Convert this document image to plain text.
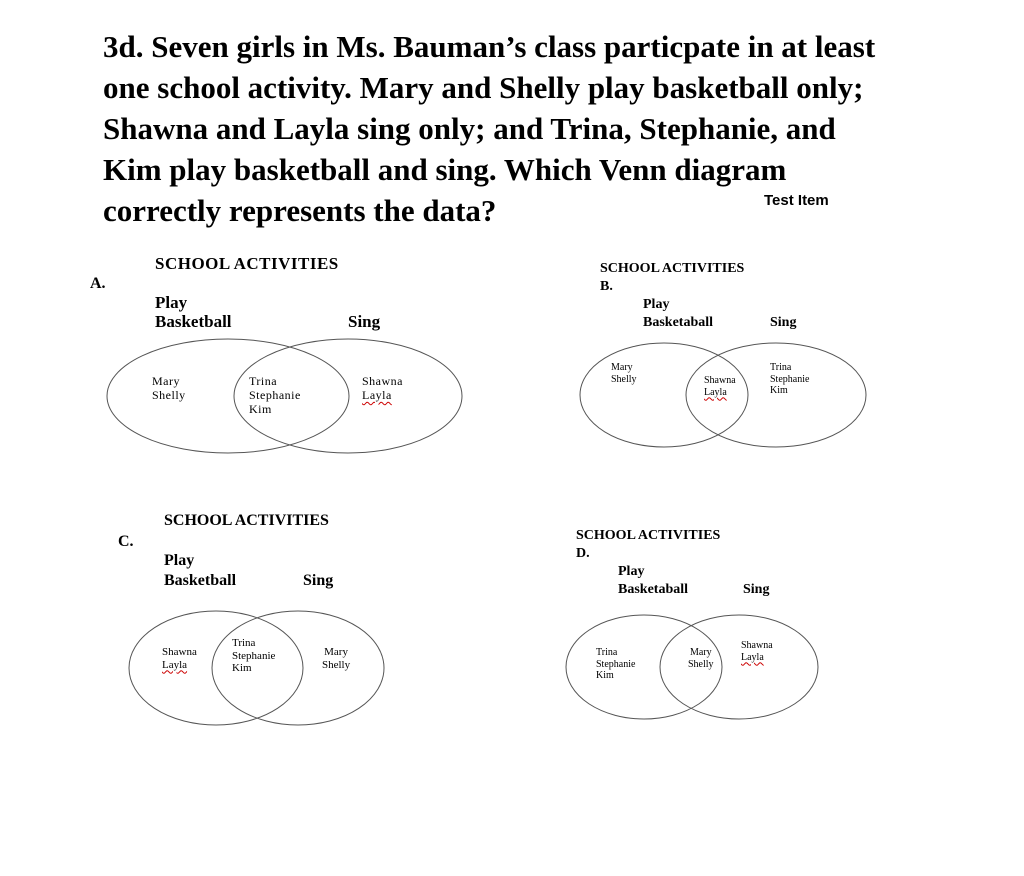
3d. Seven girls in Ms. Bauman’s class particpate in at least
one school activity. Mary and Shelly play basketball only;
Shawna and Layla sing only; and Trina, Stephanie, and
Kim play basketball and sing. Which Venn diagram
correctly represents the data?	Test Item
SCHOOL ACTIVITIES
A.
Play
Basketball	Sing
Mary
Shelly
Trina
Stephanie
Kim
Shawna
Layla
SCHOOL ACTIVITIES
B.
Play
Basketaball	Sing
Mary
Shelly	Shawna
Layla
Trina
Stephanie
Kim
SCHOOL ACTIVITIES
C.
Play
Basketball	Sing
Shawna
Layla
Trina
Stephanie
Kim
Mary
Shelly
SCHOOL ACTIVITIES
D.
Play
Basketaball	Sing
Trina
Stephanie
Kim
Mary
Shelly
Shawna
Layla
